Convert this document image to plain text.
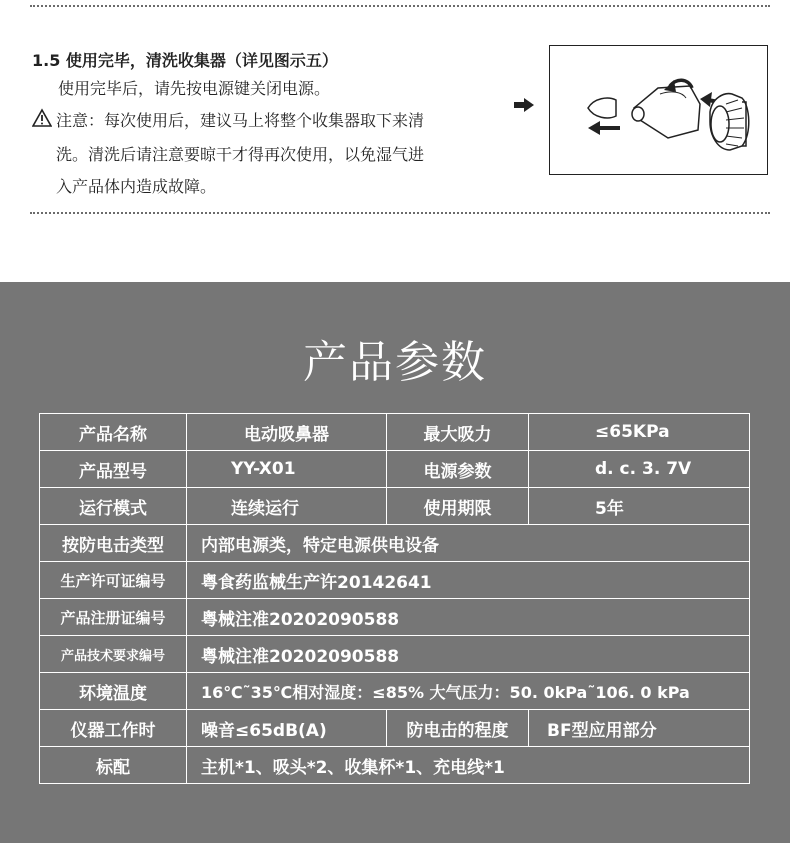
1.5 使用完毕，清洗收集器（详见图示五）
使用完毕后，请先按电源键关闭电源。
注意：每次使用后，建议马上将整个收集器取下来清
洗。清洗后请注意要晾干才得再次使用，以免湿气进
入产品体内造成故障。
产品参数
产品名称	电动吸鼻器	最大吸力	≤65KPa
产品型号	YY-X01	电源参数	d. c. 3. 7V
运行模式	连续运行	使用期限	5年
按防电击类型	内部电源类，特定电源供电设备		
生产许可证编号	粤食药监械生产许20142641		
产品注册证编号	粤械注准20202090588		
产品技术要求编号	粤械注准20202090588		
环境温度	16℃˜35℃相对湿度：≤85% 大气压力：50. 0kPa˜106. 0 kPa		
仪器工作时	噪音≤65dB(A)	防电击的程度	BF型应用部分
标配	主机*1、吸头*2、收集杯*1、充电线*1		
